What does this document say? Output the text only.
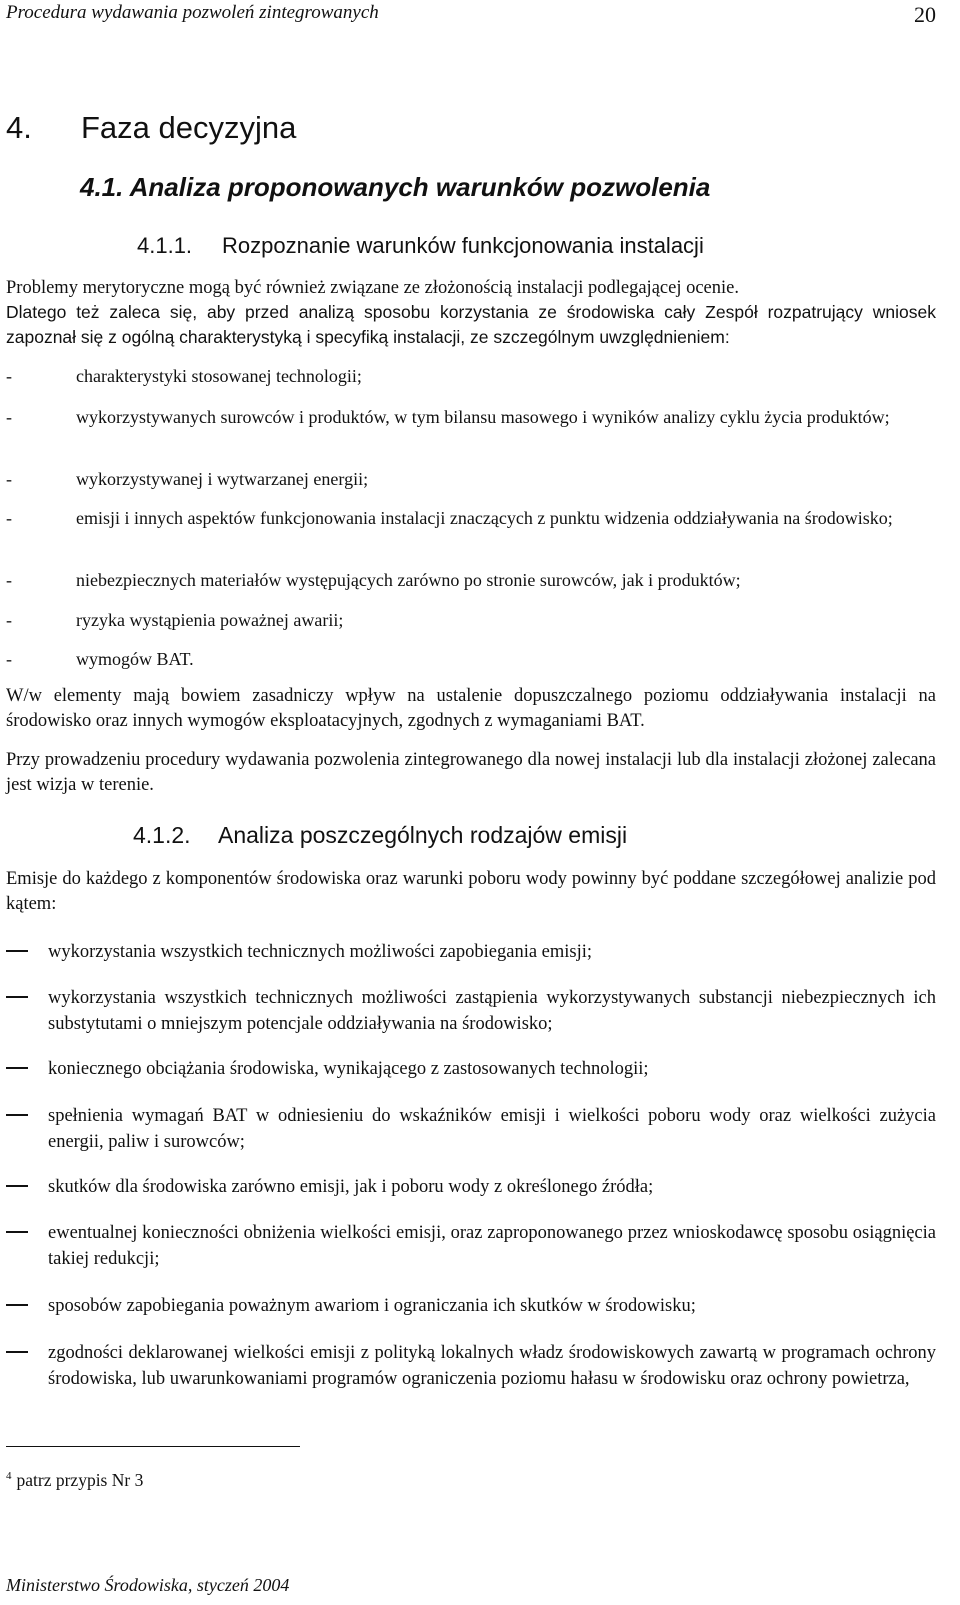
Procedura wydawania pozwoleń zintegrowanych	20
4. Faza decyzyjna
4.1. Analiza proponowanych warunków pozwolenia
4.1.1. Rozpoznanie warunków funkcjonowania instalacji
Problemy merytoryczne mogą być również związane ze złożonością instalacji podlegającej ocenie.
Dlatego też zaleca się, aby przed analizą sposobu korzystania ze środowiska cały Zespół rozpatrujący wniosek zapoznał się z ogólną charakterystyką i specyfiką instalacji, ze szczególnym uwzględnieniem:
-	charakterystyki stosowanej technologii;
-	wykorzystywanych surowców i produktów, w tym bilansu masowego i wyników analizy cyklu życia produktów;
-	wykorzystywanej i wytwarzanej energii;
-	emisji i innych aspektów funkcjonowania instalacji znaczących z punktu widzenia oddziaływania na środowisko;
-	niebezpiecznych materiałów występujących zarówno po stronie surowców, jak i produktów;
-	ryzyka wystąpienia poważnej awarii;
-	wymogów BAT.
W/w elementy mają bowiem zasadniczy wpływ na ustalenie dopuszczalnego poziomu oddziaływania instalacji na środowisko oraz innych wymogów eksploatacyjnych, zgodnych z wymaganiami BAT.
Przy prowadzeniu procedury wydawania pozwolenia zintegrowanego dla nowej instalacji lub dla instalacji złożonej zalecana jest wizja w terenie.
4.1.2. Analiza poszczególnych rodzajów emisji
Emisje do każdego z komponentów środowiska oraz warunki poboru wody powinny być poddane szczegółowej analizie pod kątem:
wykorzystania wszystkich technicznych możliwości zapobiegania emisji;
wykorzystania wszystkich technicznych możliwości zastąpienia wykorzystywanych substancji niebezpiecznych ich substytutami o mniejszym potencjale oddziaływania na środowisko;
koniecznego obciążania środowiska, wynikającego z zastosowanych technologii;
spełnienia wymagań BAT w odniesieniu do wskaźników emisji i wielkości poboru wody oraz wielkości zużycia energii, paliw i surowców;
skutków dla środowiska zarówno emisji, jak i poboru wody z określonego źródła;
ewentualnej konieczności obniżenia wielkości emisji, oraz zaproponowanego przez wnioskodawcę sposobu osiągnięcia takiej redukcji;
sposobów zapobiegania poważnym awariom i ograniczania ich skutków w środowisku;
zgodności deklarowanej wielkości emisji z polityką lokalnych władz środowiskowych zawartą w programach ochrony środowiska, lub uwarunkowaniami programów ograniczenia poziomu hałasu w środowisku oraz ochrony powietrza,
$^4$ patrz przypis Nr 3
Ministerstwo Środowiska, styczeń 2004
